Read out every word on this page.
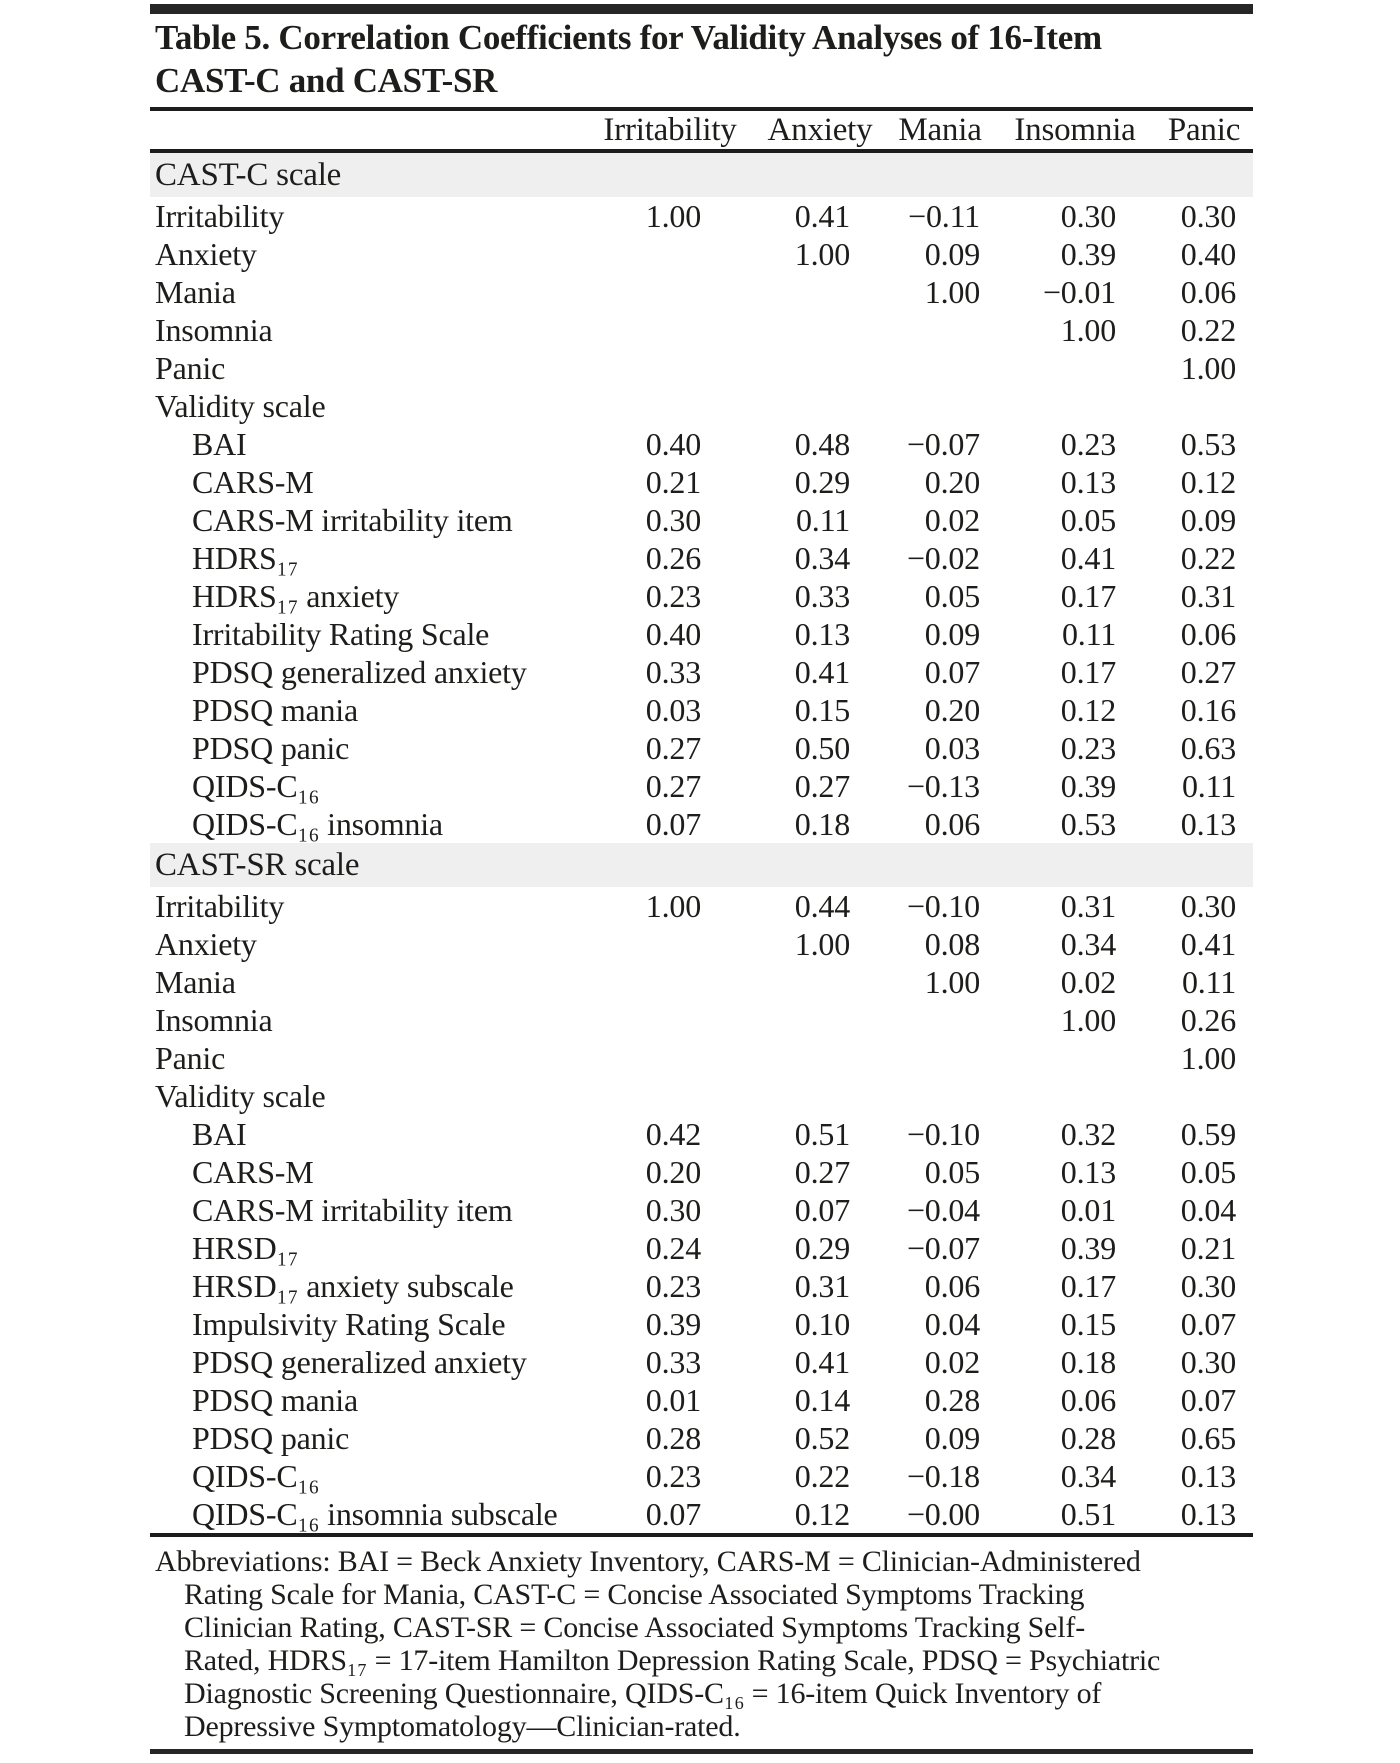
Table 5. Correlation Coefficients for Validity Analyses of 16-Item
CAST-C and CAST-SR
	Irritability	Anxiety	Mania	Insomnia	Panic
CAST-C scale					
Irritability	1.00	0.41	−0.11	0.30	0.30
Anxiety		1.00	0.09	0.39	0.40
Mania			1.00	−0.01	0.06
Insomnia				1.00	0.22
Panic					1.00
Validity scale					
BAI	0.40	0.48	−0.07	0.23	0.53
CARS-M	0.21	0.29	0.20	0.13	0.12
CARS-M irritability item	0.30	0.11	0.02	0.05	0.09
HDRS₁₇	0.26	0.34	−0.02	0.41	0.22
HDRS₁₇ anxiety	0.23	0.33	0.05	0.17	0.31
Irritability Rating Scale	0.40	0.13	0.09	0.11	0.06
PDSQ generalized anxiety	0.33	0.41	0.07	0.17	0.27
PDSQ mania	0.03	0.15	0.20	0.12	0.16
PDSQ panic	0.27	0.50	0.03	0.23	0.63
QIDS-C₁₆	0.27	0.27	−0.13	0.39	0.11
QIDS-C₁₆ insomnia	0.07	0.18	0.06	0.53	0.13
CAST-SR scale					
Irritability	1.00	0.44	−0.10	0.31	0.30
Anxiety		1.00	0.08	0.34	0.41
Mania			1.00	0.02	0.11
Insomnia				1.00	0.26
Panic					1.00
Validity scale					
BAI	0.42	0.51	−0.10	0.32	0.59
CARS-M	0.20	0.27	0.05	0.13	0.05
CARS-M irritability item	0.30	0.07	−0.04	0.01	0.04
HRSD₁₇	0.24	0.29	−0.07	0.39	0.21
HRSD₁₇ anxiety subscale	0.23	0.31	0.06	0.17	0.30
Impulsivity Rating Scale	0.39	0.10	0.04	0.15	0.07
PDSQ generalized anxiety	0.33	0.41	0.02	0.18	0.30
PDSQ mania	0.01	0.14	0.28	0.06	0.07
PDSQ panic	0.28	0.52	0.09	0.28	0.65
QIDS-C₁₆	0.23	0.22	−0.18	0.34	0.13
QIDS-C₁₆ insomnia subscale	0.07	0.12	−0.00	0.51	0.13
Abbreviations: BAI = Beck Anxiety Inventory, CARS-M = Clinician-Administered
Rating Scale for Mania, CAST-C = Concise Associated Symptoms Tracking
Clinician Rating, CAST-SR = Concise Associated Symptoms Tracking Self-
Rated, HDRS₁₇ = 17-item Hamilton Depression Rating Scale, PDSQ = Psychiatric
Diagnostic Screening Questionnaire, QIDS-C₁₆ = 16-item Quick Inventory of
Depressive Symptomatology—Clinician-rated.
